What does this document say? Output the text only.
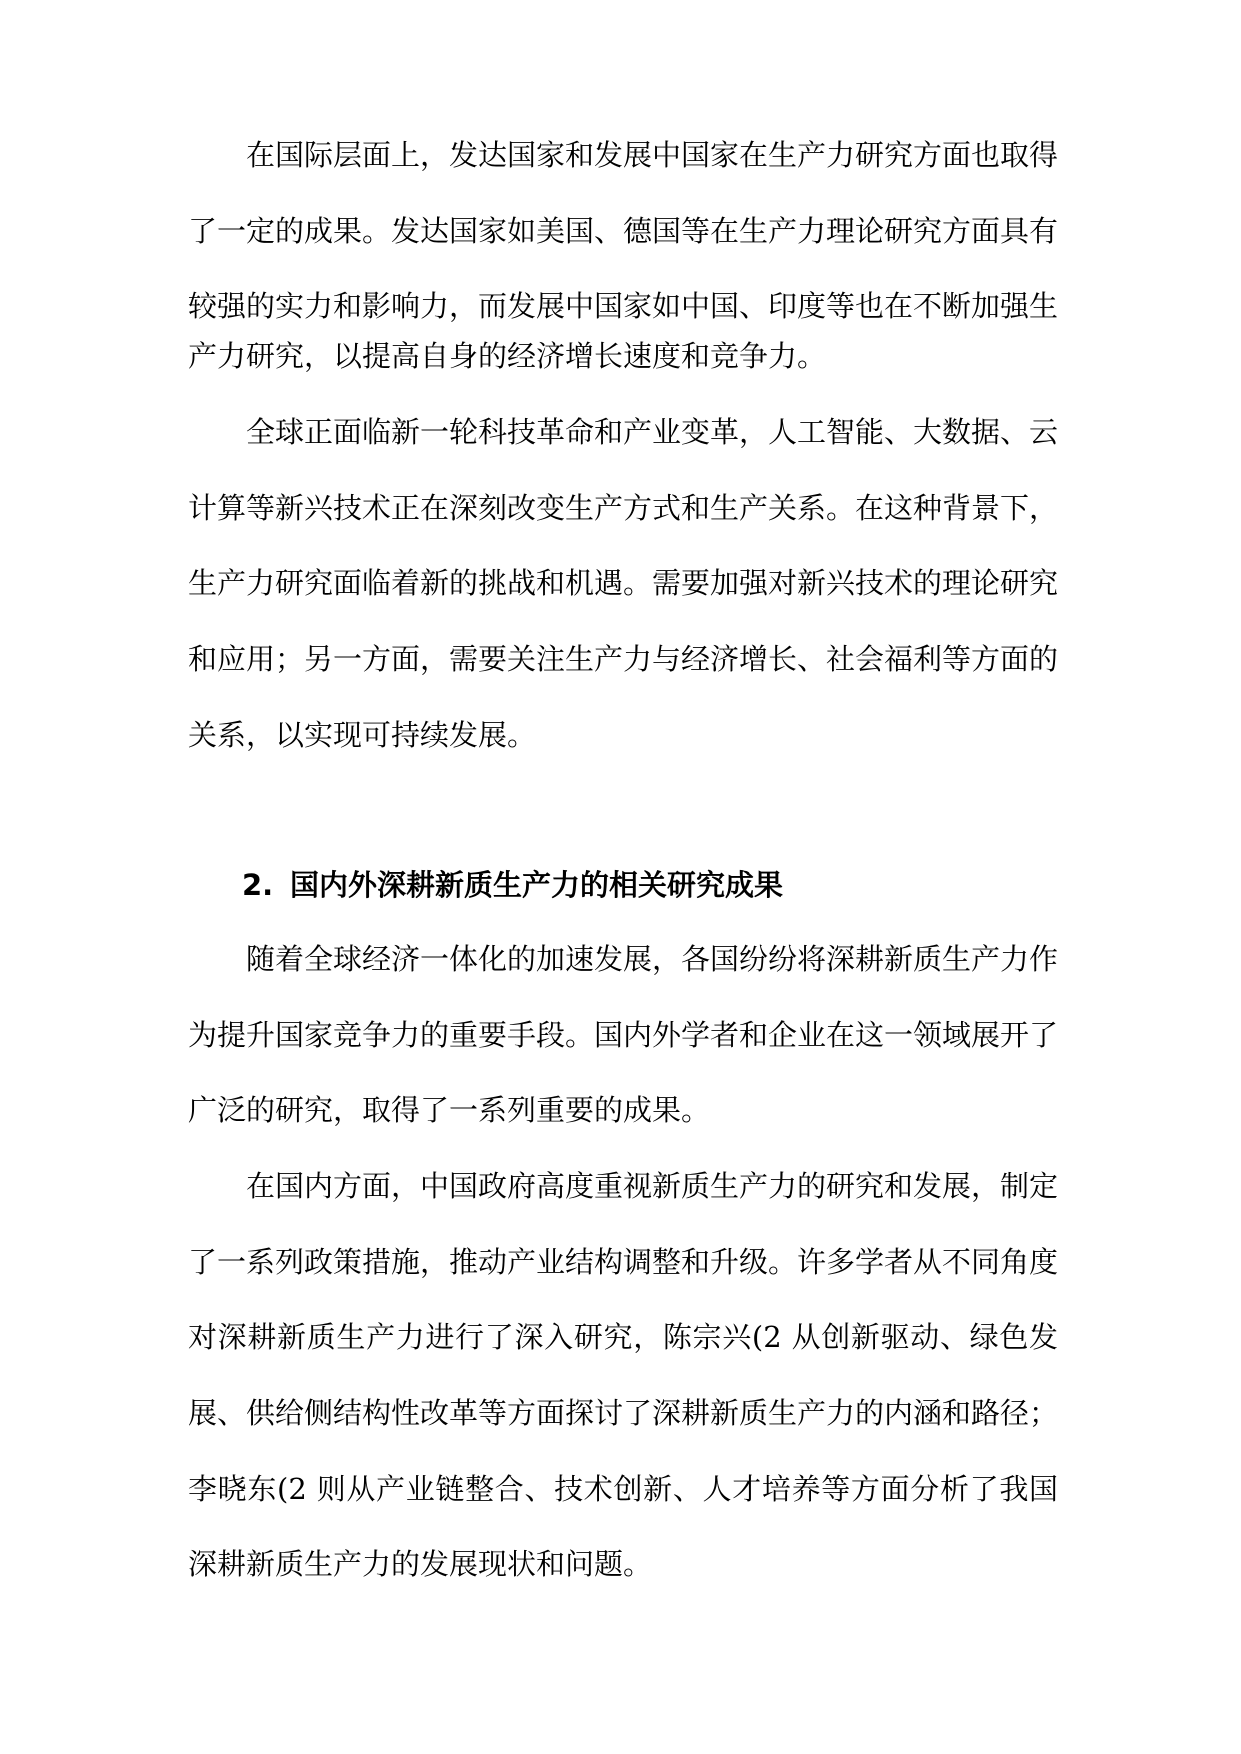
在国际层面上，发达国家和发展中国家在生产力研究方面也取得
了一定的成果。发达国家如美国、德国等在生产力理论研究方面具有
较强的实力和影响力，而发展中国家如中国、印度等也在不断加强生
产力研究，以提高自身的经济增长速度和竞争力。
全球正面临新一轮科技革命和产业变革，人工智能、大数据、云
计算等新兴技术正在深刻改变生产方式和生产关系。在这种背景下，
生产力研究面临着新的挑战和机遇。需要加强对新兴技术的理论研究
和应用；另一方面，需要关注生产力与经济增长、社会福利等方面的
关系，以实现可持续发展。
2. 国内外深耕新质生产力的相关研究成果
随着全球经济一体化的加速发展，各国纷纷将深耕新质生产力作
为提升国家竞争力的重要手段。国内外学者和企业在这一领域展开了
广泛的研究，取得了一系列重要的成果。
在国内方面，中国政府高度重视新质生产力的研究和发展，制定
了一系列政策措施，推动产业结构调整和升级。许多学者从不同角度
对深耕新质生产力进行了深入研究，陈宗兴(2 从创新驱动、绿色发
展、供给侧结构性改革等方面探讨了深耕新质生产力的内涵和路径；
李晓东(2 则从产业链整合、技术创新、人才培养等方面分析了我国
深耕新质生产力的发展现状和问题。
